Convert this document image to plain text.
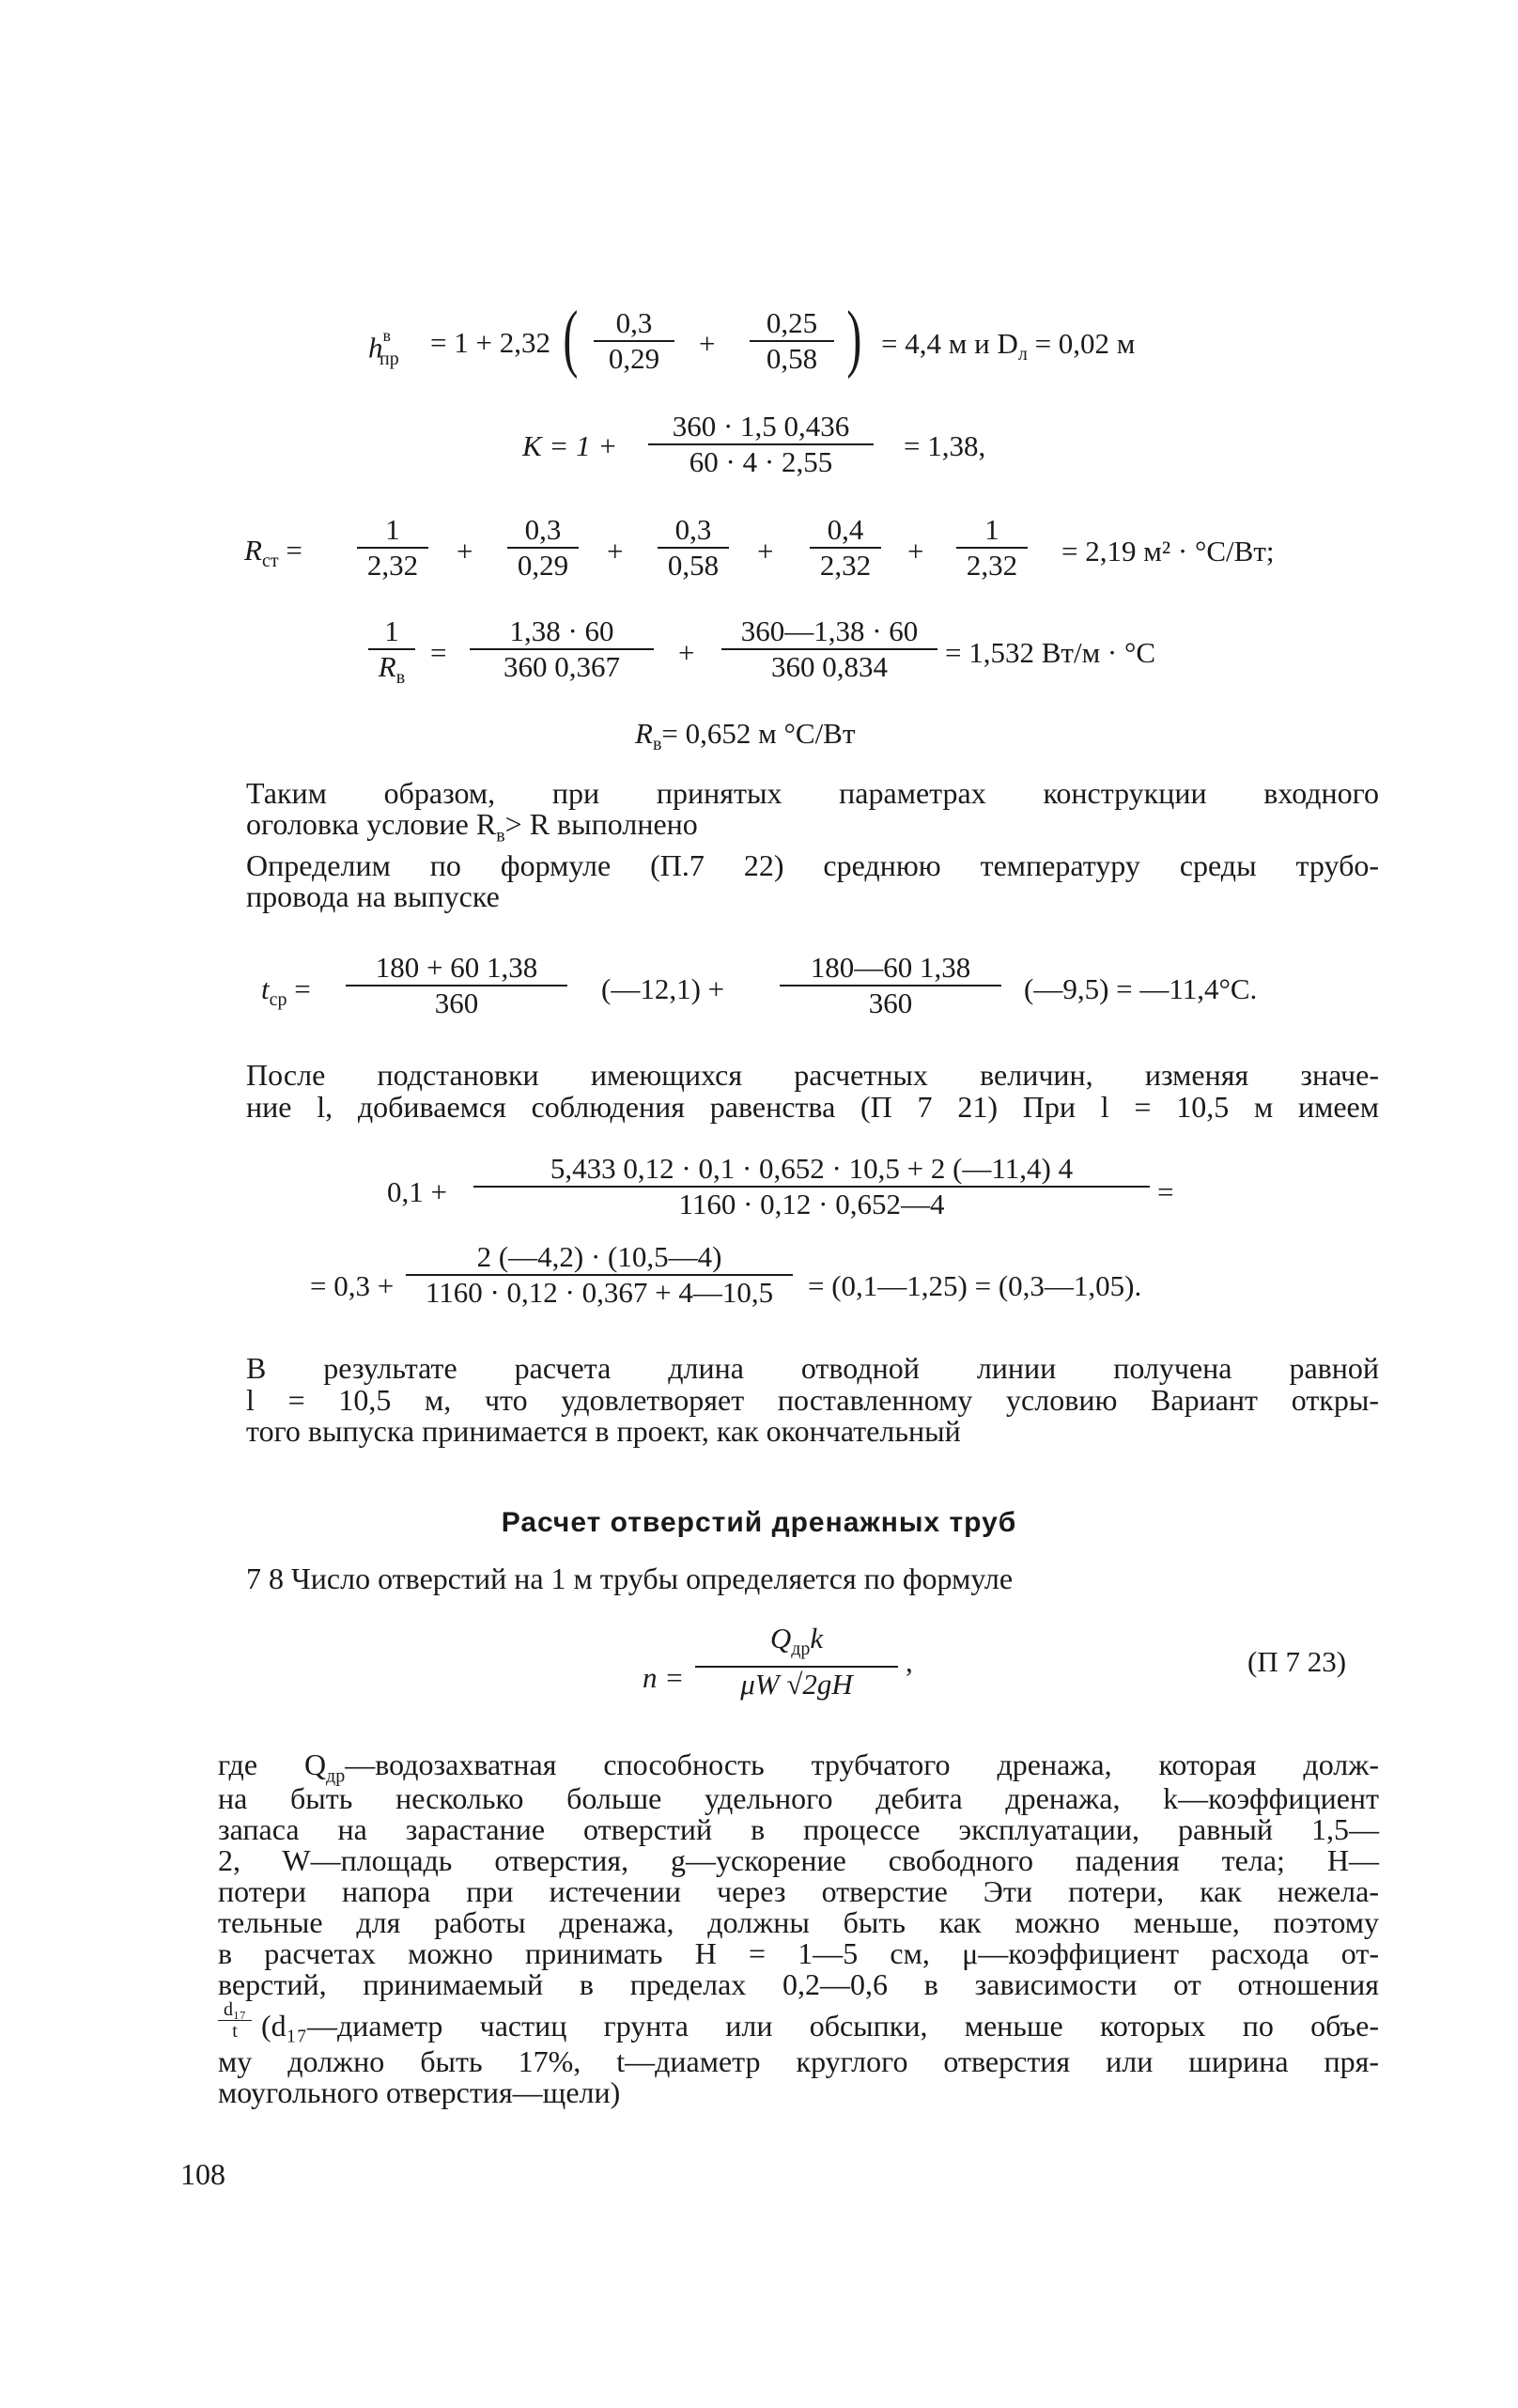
$h^в_{пр} = 1 + 2,32$ ( 0,3
0,29 +
0,25
0,58 ) = 4,4 м и $D_л = 0,02$ м
K = 1 +
360 · 1,5 0,436
60 · 4 · 2,55 = 1,38,
$R_{ст}$ =
1
2,32 +
0,3
0,29 +
0,3
0,58 +
0,4
2,32 +
1
2,32 = 2,19 м² · °С/Вт;
1
$R_в$
=
1,38 · 60
360 0,367 +
360—1,38 · 60
360 0,834 = 1,532 Вт/м · °С
$R_в= 0,652$ м °С/Вт
Таким образом, при принятых параметрах конструкции входного
оголовка условие $R_в> R$ выполнено
Определим по формуле (П.7 22) среднюю температуру среды трубо-
провода на выпуске
$t_{ср}$ =
180 + 60 1,38
360	(—12,1) +
180—60 1,38
360	(—9,5) = —11,4°С.
После подстановки имеющихся расчетных величин, изменяя значе-
ние l, добиваемся соблюдения равенства (П 7 21) При l = 10,5 м имеем
0,1 +
5,433 0,12 · 0,1 · 0,652 · 10,5 + 2 (—11,4) 4
1160 · 0,12 · 0,652—4	=
= 0,3 +
2 (—4,2) · (10,5—4)
1160 · 0,12 · 0,367 + 4—10,5 = (0,1—1,25) = (0,3—1,05).
В результате расчета длина отводной линии получена равной
l = 10,5 м, что удовлетворяет поставленному условию Вариант откры-
того выпуска принимается в проект, как окончательный
Расчет отверстий дренажных труб
7 8 Число отверстий на 1 м трубы определяется по формуле
n =
$Q_{др}k$
μW √2gH
,	(П 7 23)
где $Q_{др}—водозахватная$ способность трубчатого дренажа, которая долж-
на быть несколько больше удельного дебита дренажа, k—коэффициент
запаса на зарастание отверстий в процессе эксплуатации, равный 1,5—
2, W—площадь отверстия, g—ускорение свободного падения тела; H—
потери напора при истечении через отверстие Эти потери, как нежела-
тельные для работы дренажа, должны быть как можно меньше, поэтому
в расчетах можно принимать H = 1—5 см, μ—коэффициент расхода от-
верстий, принимаемый в пределах 0,2—0,6 в зависимости от отношения
d₁₇
t (d₁₇—диаметр частиц грунта или обсыпки, меньше которых по объе-
му должно быть 17%, t—диаметр круглого отверстия или ширина пря-
моугольного отверстия—щели)
108
